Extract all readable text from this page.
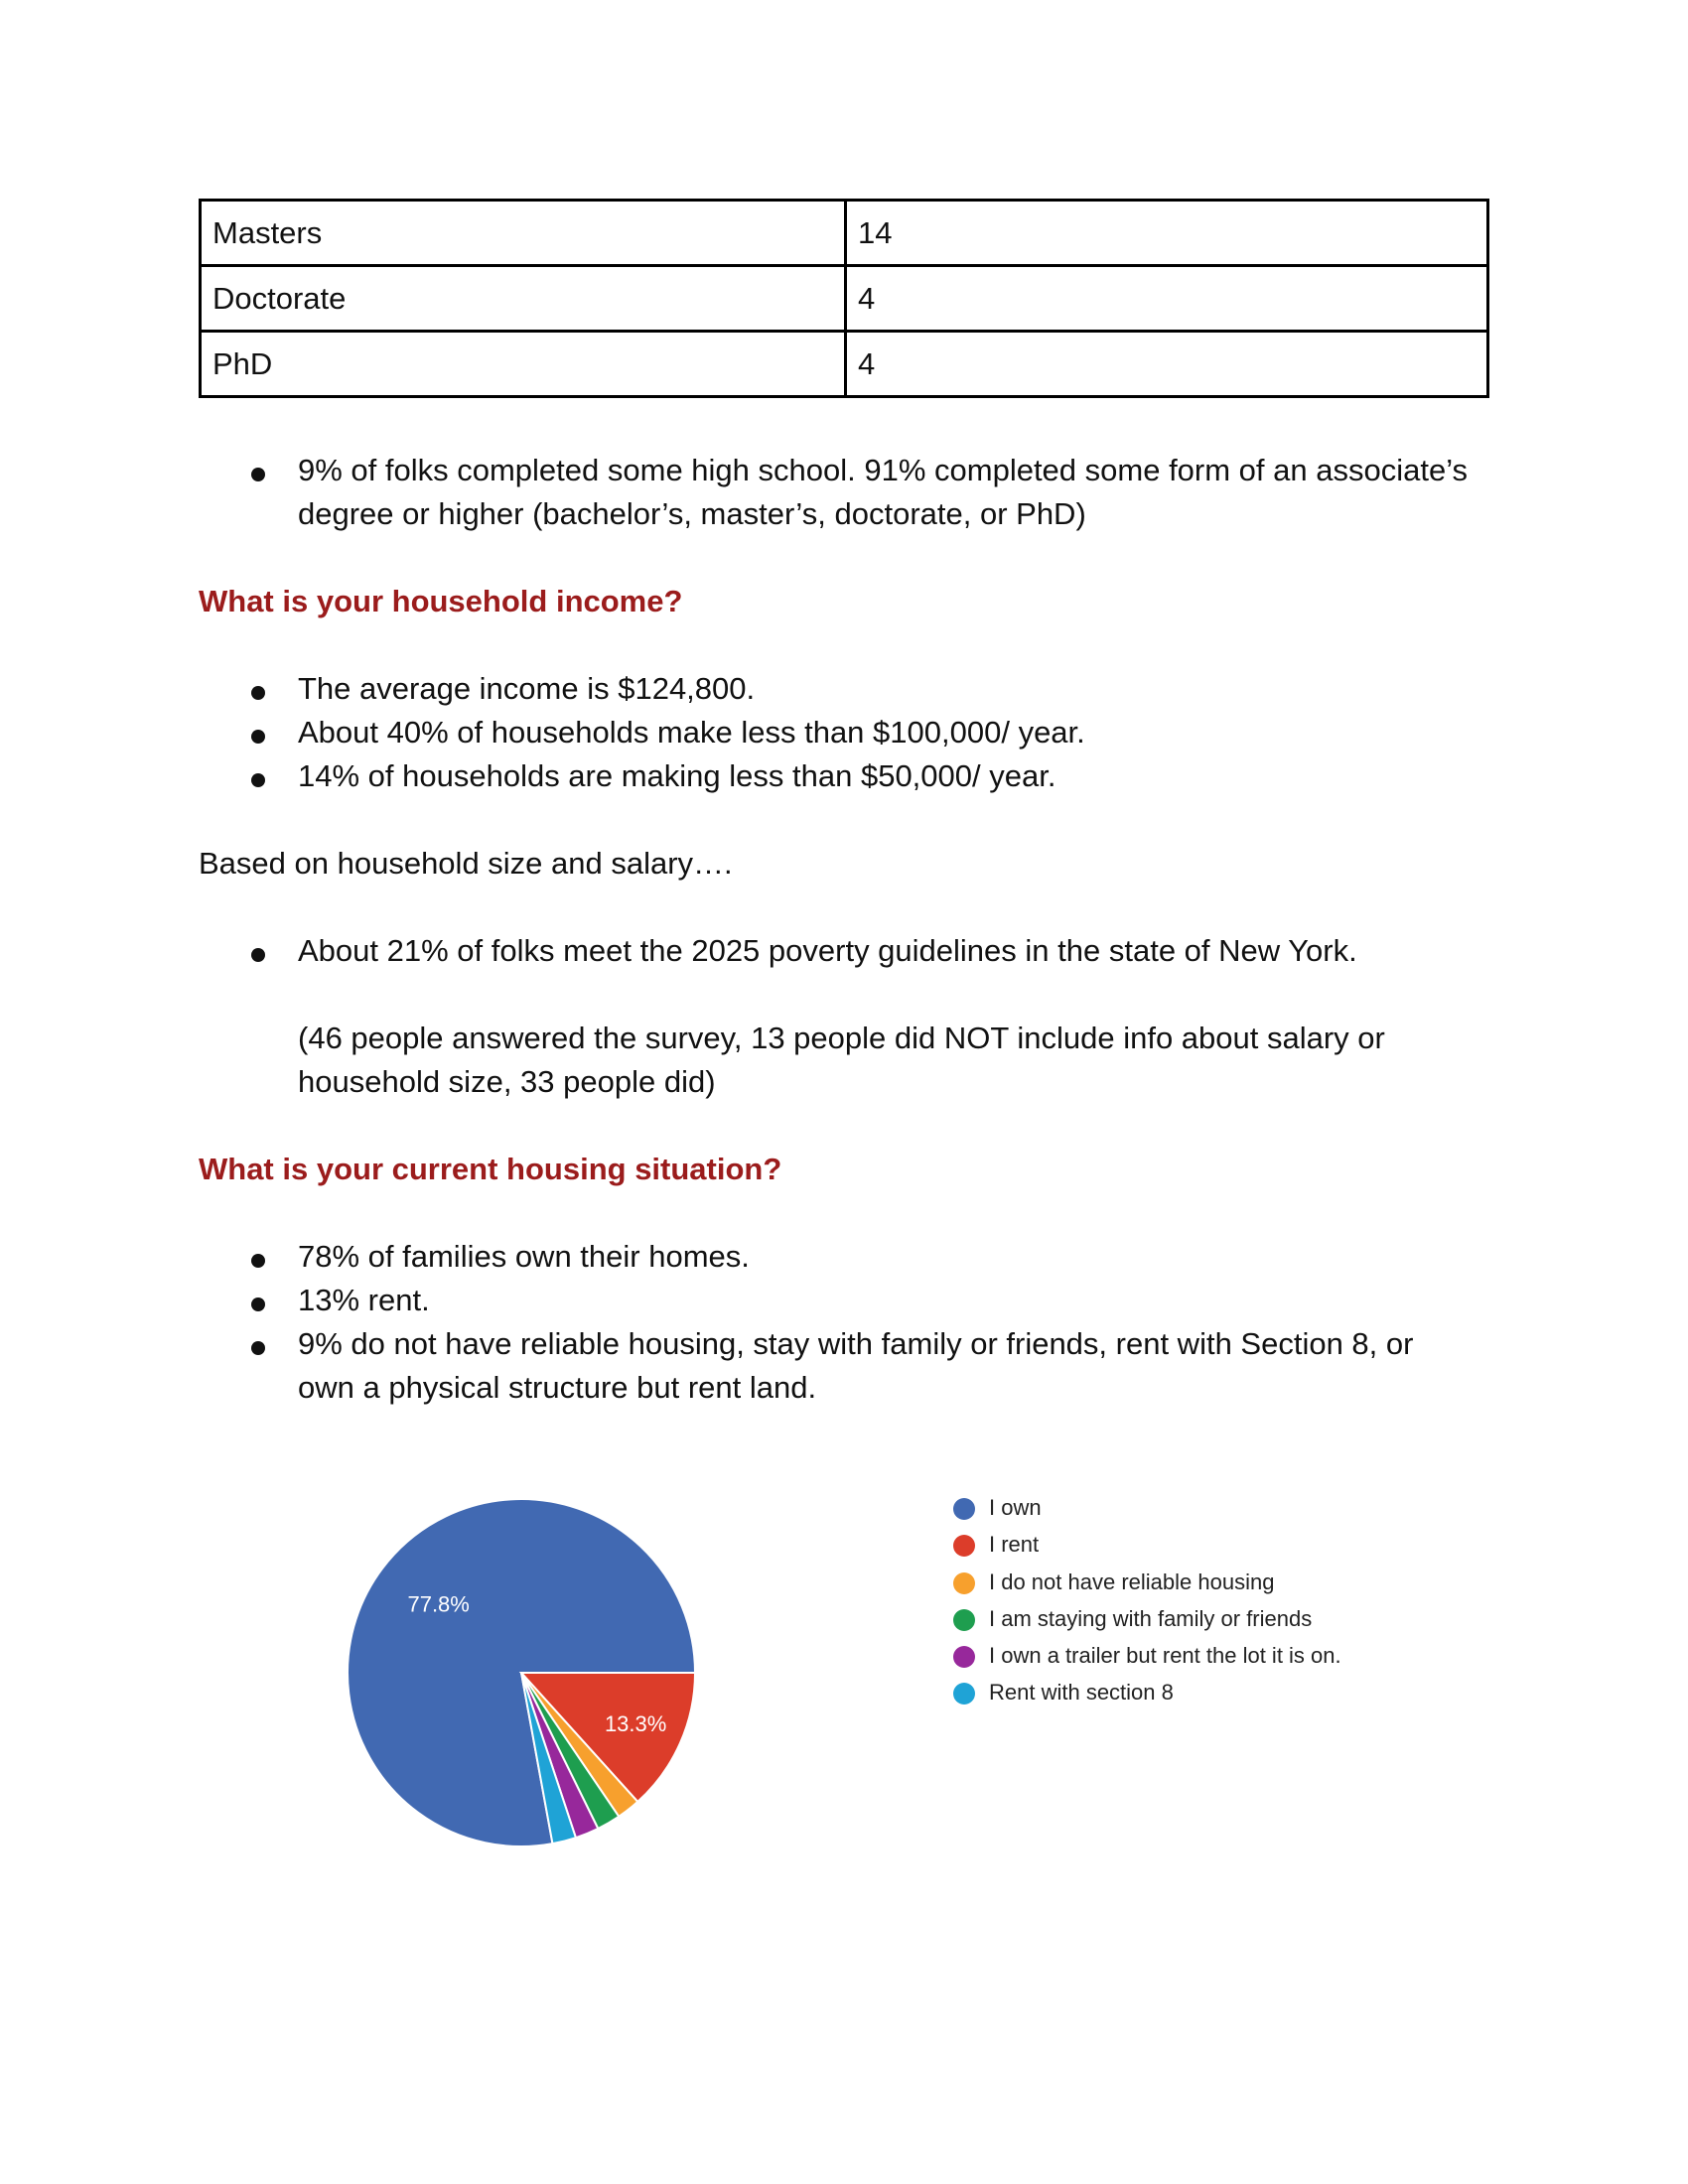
Masters	14
Doctorate	4
PhD	4
9% of folks completed some high school. 91% completed some form of an associate’s degree or higher (bachelor’s, master’s, doctorate, or PhD)
What is your household income?
The average income is $124,800.
About 40% of households make less than $100,000/ year.
14% of households are making less than $50,000/ year.
Based on household size and salary….
About 21% of folks meet the 2025 poverty guidelines in the state of New York.
(46 people answered the survey, 13 people did NOT include info about salary or household size, 33 people did)
What is your current housing situation?
78% of families own their homes.
13% rent.
9% do not have reliable housing, stay with family or friends, rent with Section 8, or own a physical structure but rent land.
77.8%
13.3%
I own
I rent
I do not have reliable housing
I am staying with family or friends
I own a trailer but rent the lot it is on.
Rent with section 8
